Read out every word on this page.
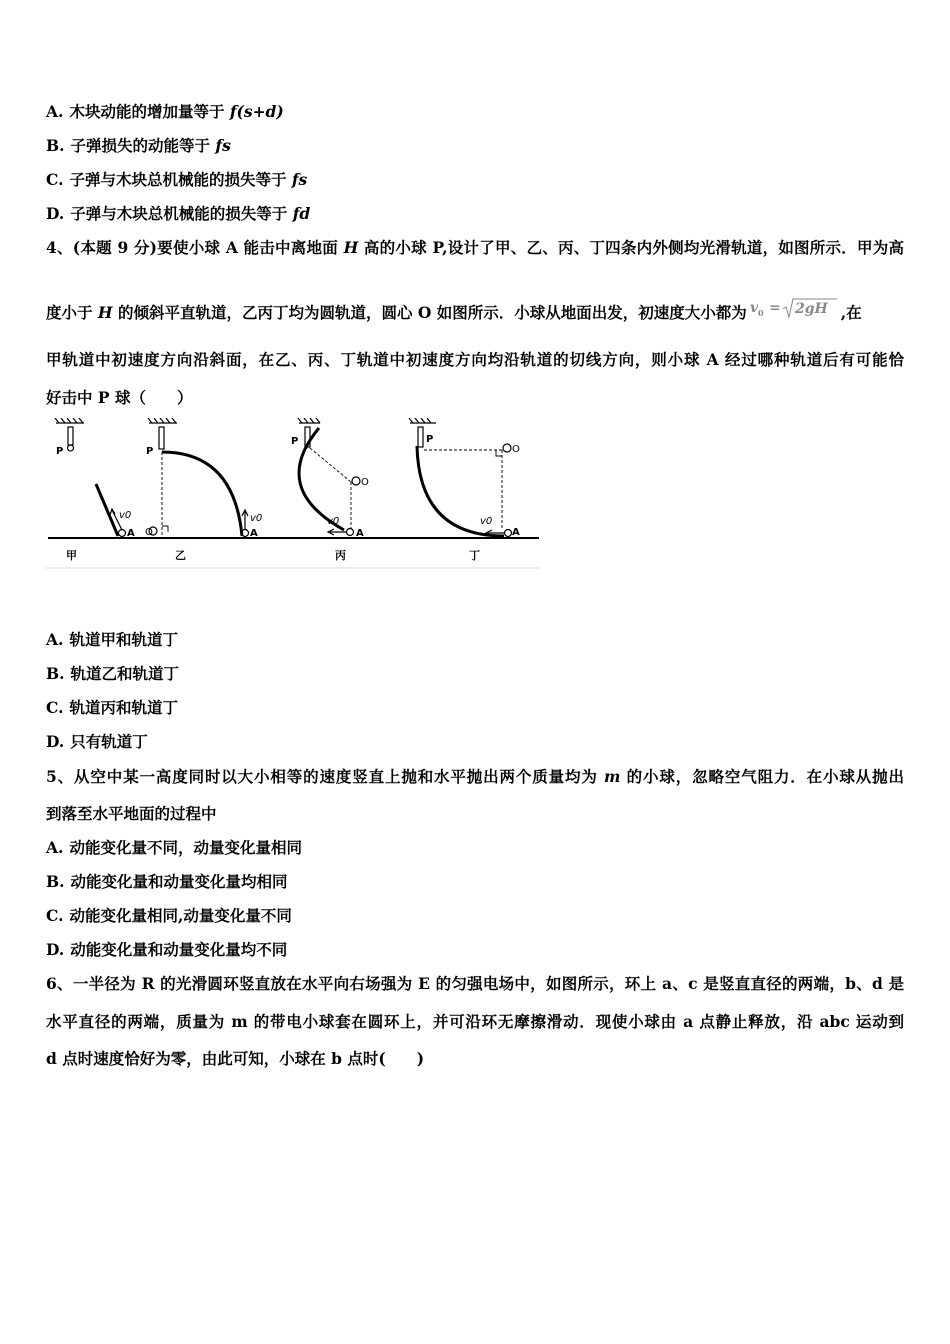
A. 木块动能的增加量等于 f(s+d)
B. 子弹损失的动能等于 fs
C. 子弹与木块总机械能的损失等于 fs
D. 子弹与木块总机械能的损失等于 fd
4、(本题 9 分)要使小球 A 能击中离地面 H 高的小球 P,设计了甲、乙、丙、丁四条内外侧均光滑轨道，如图所示．甲为高
度小于 H 的倾斜平直轨道，乙丙丁均为圆轨道，圆心 O 如图所示．小球从地面出发，初速度大小都为 v 0 = 2gH ,在
甲轨道中初速度方向沿斜面，在乙、丙、丁轨道中初速度方向均沿轨道的切线方向，则小球 A 经过哪种轨道后有可能恰
好击中 P 球（　　）
P	P
P	P
A	A	A	A
O
O
O
v0	v0	v0	v0
甲	乙	丙	丁
A. 轨道甲和轨道丁
B. 轨道乙和轨道丁
C. 轨道丙和轨道丁
D. 只有轨道丁
5、从空中某一高度同时以大小相等的速度竖直上抛和水平抛出两个质量均为 m 的小球，忽略空气阻力．在小球从抛出
到落至水平地面的过程中
A. 动能变化量不同，动量变化量相同
B. 动能变化量和动量变化量均相同
C. 动能变化量相同,动量变化量不同
D. 动能变化量和动量变化量均不同
6、一半径为 R 的光滑圆环竖直放在水平向右场强为 E 的匀强电场中，如图所示，环上 a、c 是竖直直径的两端，b、d 是
水平直径的两端，质量为 m 的带电小球套在圆环上，并可沿环无摩擦滑动．现使小球由 a 点静止释放，沿 abc 运动到
d 点时速度恰好为零，由此可知，小球在 b 点时(　　)
